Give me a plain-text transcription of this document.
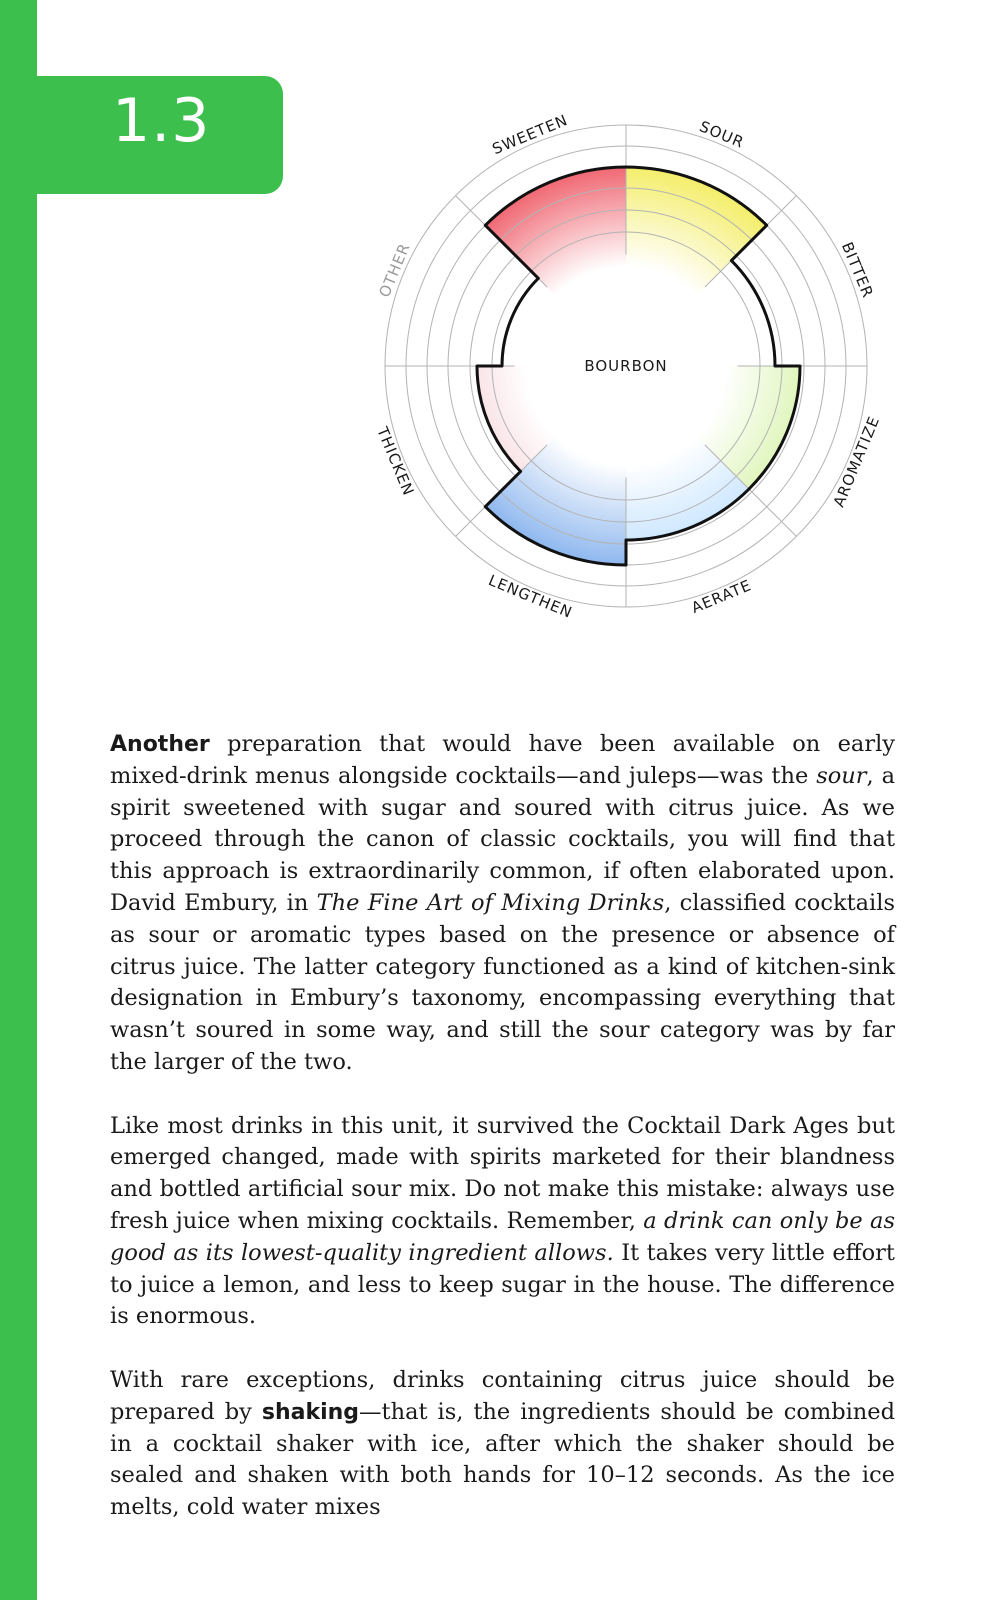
1.3	SOUR
BITTER
AROMATIZE
AERATE
LENGTHEN
THICKEN
OTHER
SWEETEN
BOURBON

Another preparation that would have been available on early mixed-drink menus alongside cocktails—and juleps—was the sour, a spirit sweetened with sugar and soured with citrus juice. As we proceed through the canon of classic cocktails, you will find that this approach is extraordinarily common, if often elaborated upon. David Embury, in The Fine Art of Mixing Drinks, classified cocktails as sour or aromatic types based on the presence or absence of citrus juice. The latter category functioned as a kind of kitchen-sink designation in Embury’s taxonomy, encompassing everything that wasn’t soured in some way, and still the sour category was by far the larger of the two.

Like most drinks in this unit, it survived the Cocktail Dark Ages but emerged changed, made with spirits marketed for their blandness and bottled artificial sour mix. Do not make this mistake: always use fresh juice when mixing cocktails. Remember, a drink can only be as good as its lowest-quality ingredient allows. It takes very little effort to juice a lemon, and less to keep sugar in the house. The difference is enormous.

With rare exceptions, drinks containing citrus juice should be prepared by shaking—that is, the ingredients should be combined in a cocktail shaker with ice, after which the shaker should be sealed and shaken with both hands for 10–12 seconds. As the ice melts, cold water mixes
